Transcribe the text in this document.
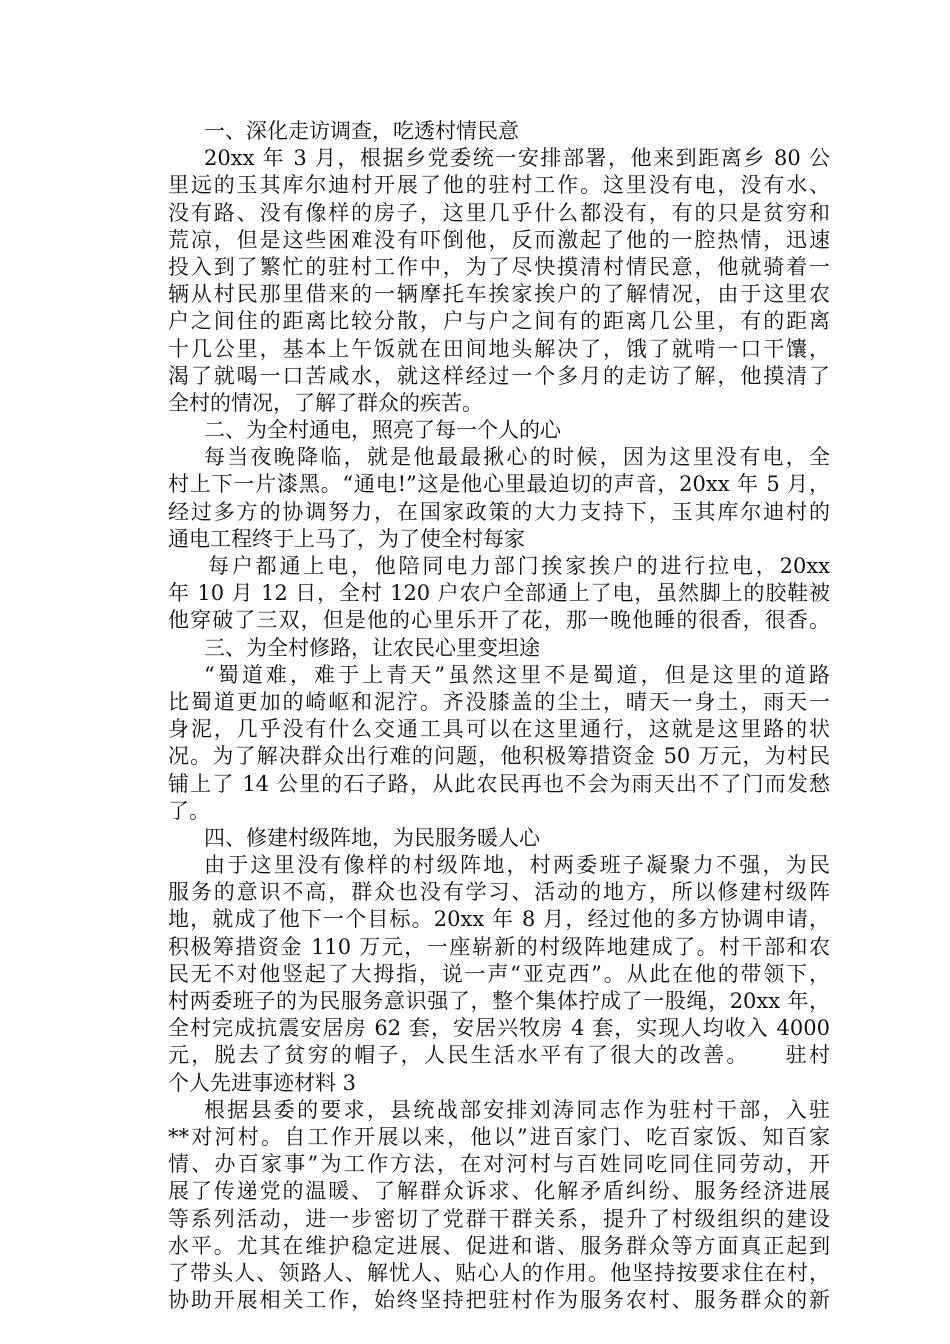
一、深化走访调查，吃透村情民意
20xx 年 3 月，根据乡党委统一安排部署，他来到距离乡 80 公
里远的玉其库尔迪村开展了他的驻村工作。这里没有电，没有水、
没有路、没有像样的房子，这里几乎什么都没有，有的只是贫穷和
荒凉，但是这些困难没有吓倒他，反而激起了他的一腔热情，迅速
投入到了繁忙的驻村工作中，为了尽快摸清村情民意，他就骑着一
辆从村民那里借来的一辆摩托车挨家挨户的了解情况，由于这里农
户之间住的距离比较分散，户与户之间有的距离几公里，有的距离
十几公里，基本上午饭就在田间地头解决了，饿了就啃一口干馕，
渴了就喝一口苦咸水，就这样经过一个多月的走访了解，他摸清了
全村的情况，了解了群众的疾苦。
二、为全村通电，照亮了每一个人的心
每当夜晚降临，就是他最最揪心的时候，因为这里没有电，全
村上下一片漆黑。“通电!”这是他心里最迫切的声音，20xx 年 5 月，
经过多方的协调努力，在国家政策的大力支持下，玉其库尔迪村的
通电工程终于上马了，为了使全村每家
每户都通上电，他陪同电力部门挨家挨户的进行拉电，20xx
年 10 月 12 日，全村 120 户农户全部通上了电，虽然脚上的胶鞋被
他穿破了三双，但是他的心里乐开了花，那一晚他睡的很香，很香。
三、为全村修路，让农民心里变坦途
“蜀道难，难于上青天”虽然这里不是蜀道，但是这里的道路
比蜀道更加的崎岖和泥泞。齐没膝盖的尘土，晴天一身土，雨天一
身泥，几乎没有什么交通工具可以在这里通行，这就是这里路的状
况。为了解决群众出行难的问题，他积极筹措资金 50 万元，为村民
铺上了 14 公里的石子路，从此农民再也不会为雨天出不了门而发愁
了。
四、修建村级阵地，为民服务暖人心
由于这里没有像样的村级阵地，村两委班子凝聚力不强，为民
服务的意识不高，群众也没有学习、活动的地方，所以修建村级阵
地，就成了他下一个目标。20xx 年 8 月，经过他的多方协调申请，
积极筹措资金 110 万元，一座崭新的村级阵地建成了。村干部和农
民无不对他竖起了大拇指，说一声“亚克西”。从此在他的带领下，
村两委班子的为民服务意识强了，整个集体拧成了一股绳，20xx 年，
全村完成抗震安居房 62 套，安居兴牧房 4 套，实现人均收入 4000
元，脱去了贫穷的帽子，人民生活水平有了很大的改善。　　驻村
个人先进事迹材料 3
根据县委的要求，县统战部安排刘涛同志作为驻村干部，入驻
**对河村。自工作开展以来，他以”进百家门、吃百家饭、知百家
情、办百家事”为工作方法，在对河村与百姓同吃同住同劳动，开
展了传递党的温暖、了解群众诉求、化解矛盾纠纷、服务经济进展
等系列活动，进一步密切了党群干群关系，提升了村级组织的建设
水平。尤其在维护稳定进展、促进和谐、服务群众等方面真正起到
了带头人、领路人、解忧人、贴心人的作用。他坚持按要求住在村，
协助开展相关工作，始终坚持把驻村作为服务农村、服务群众的新
